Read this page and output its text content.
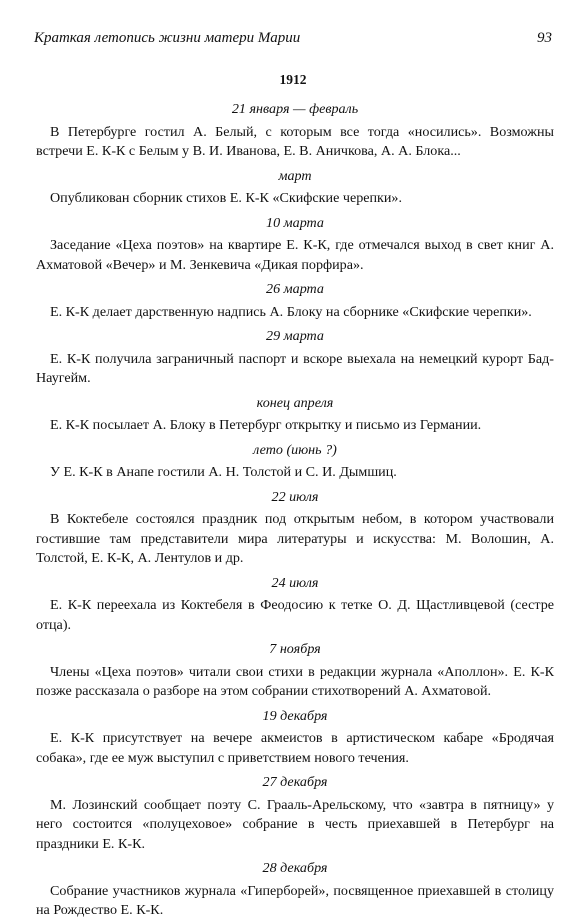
Краткая летопись жизни матери Марии	93
1912

21 января — февраль

В Петербурге гостил А. Белый, с которым все тогда «носились». Возможны встречи Е. К-К с Белым у В. И. Иванова, Е. В. Аничкова, А. А. Блока...

март

Опубликован сборник стихов Е. К-К «Скифские черепки».

10 марта

Заседание «Цеха поэтов» на квартире Е. К-К, где отмечался выход в свет книг А. Ахматовой «Вечер» и М. Зенкевича «Дикая порфира».

26 марта

Е. К-К делает дарственную надпись А. Блоку на сборнике «Скифские черепки».

29 марта

Е. К-К получила заграничный паспорт и вскоре выехала на немецкий курорт Бад-Наугейм.

конец апреля

Е. К-К посылает А. Блоку в Петербург открытку и письмо из Германии.

лето (июнь ?)

У Е. К-К в Анапе гостили А. Н. Толстой и С. И. Дымшиц.

22 июля

В Коктебеле состоялся праздник под открытым небом, в котором участвовали гостившие там представители мира литературы и искусства: М. Волошин, А. Толстой, Е. К-К, А. Лентулов и др.

24 июля

Е. К-К переехала из Коктебеля в Феодосию к тетке О. Д. Щастливцевой (сестре отца).

7 ноября

Члены «Цеха поэтов» читали свои стихи в редакции журнала «Аполлон». Е. К-К позже рассказала о разборе на этом собрании стихотворений А. Ахматовой.

19 декабря

Е. К-К присутствует на вечере акмеистов в артистическом кабаре «Бродячая собака», где ее муж выступил с приветствием нового течения.

27 декабря

М. Лозинский сообщает поэту С. Грааль-Арельскому, что «завтра в пятницу» у него состоится «полуцеховое» собрание в честь приехавшей в Петербург на праздники Е. К-К.

28 декабря

Собрание участников журнала «Гиперборей», посвященное приехавшей в столицу на Рождество Е. К-К.
